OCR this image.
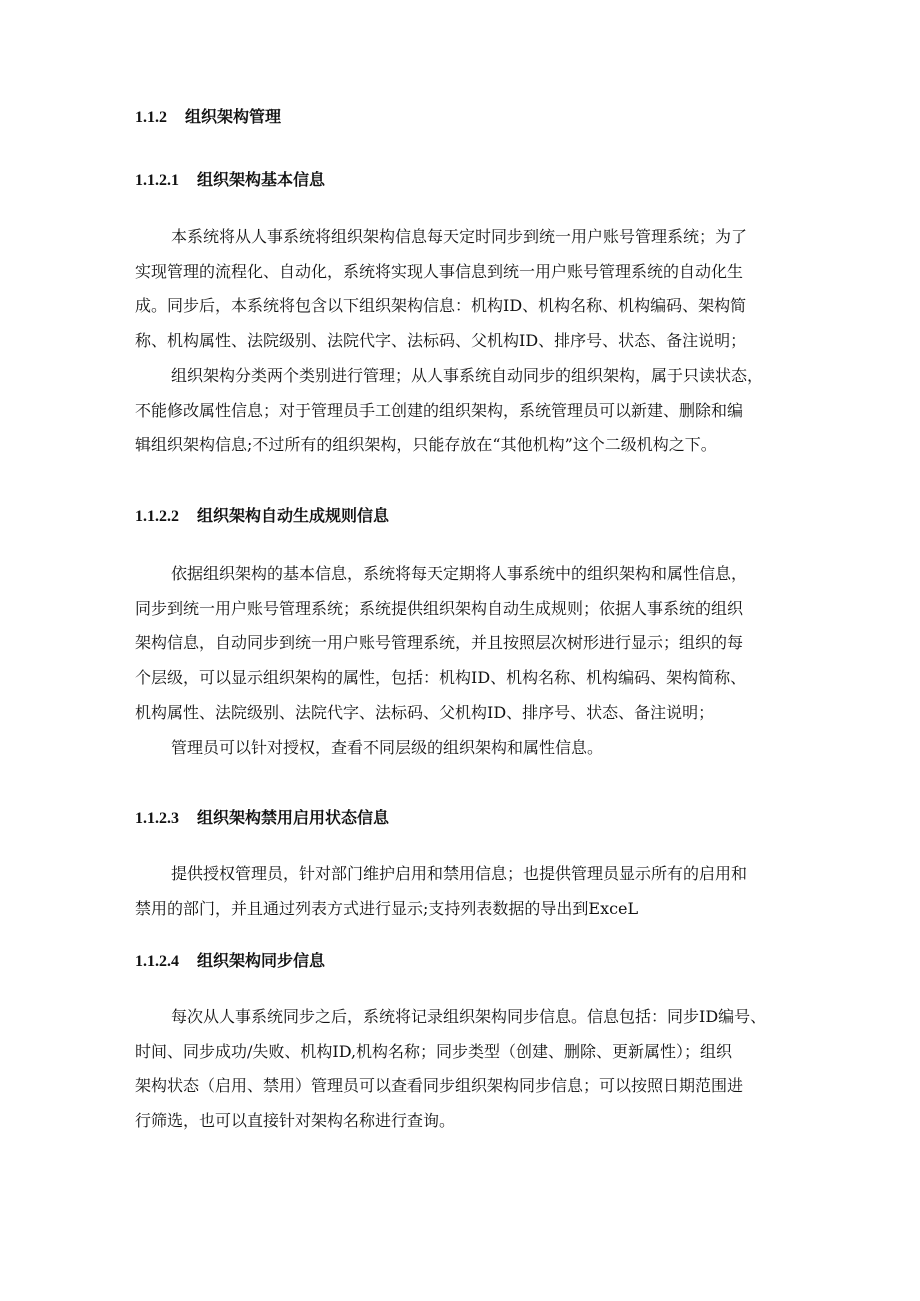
1.1.2 组织架构管理
1.1.2.1 组织架构基本信息
本系统将从人事系统将组织架构信息每天定时同步到统一用户账号管理系统；为了
实现管理的流程化、自动化，系统将实现人事信息到统一用户账号管理系统的自动化生
成。同步后，本系统将包含以下组织架构信息：机构ID、机构名称、机构编码、架构简
称、机构属性、法院级别、法院代字、法标码、父机构ID、排序号、状态、备注说明；
组织架构分类两个类别进行管理；从人事系统自动同步的组织架构，属于只读状态，
不能修改属性信息；对于管理员手工创建的组织架构，系统管理员可以新建、删除和编
辑组织架构信息;不过所有的组织架构，只能存放在“其他机构”这个二级机构之下。
1.1.2.2 组织架构自动生成规则信息
依据组织架构的基本信息，系统将每天定期将人事系统中的组织架构和属性信息，
同步到统一用户账号管理系统；系统提供组织架构自动生成规则；依据人事系统的组织
架构信息，自动同步到统一用户账号管理系统，并且按照层次树形进行显示；组织的每
个层级，可以显示组织架构的属性，包括：机构ID、机构名称、机构编码、架构简称、
机构属性、法院级别、法院代字、法标码、父机构ID、排序号、状态、备注说明；
管理员可以针对授权，查看不同层级的组织架构和属性信息。
1.1.2.3 组织架构禁用启用状态信息
提供授权管理员，针对部门维护启用和禁用信息；也提供管理员显示所有的启用和
禁用的部门，并且通过列表方式进行显示;支持列表数据的导出到ExceL
1.1.2.4 组织架构同步信息
每次从人事系统同步之后，系统将记录组织架构同步信息。信息包括：同步ID编号、
时间、同步成功/失败、机构ID,机构名称；同步类型（创建、删除、更新属性）；组织
架构状态（启用、禁用）管理员可以查看同步组织架构同步信息；可以按照日期范围进
行筛选，也可以直接针对架构名称进行查询。
